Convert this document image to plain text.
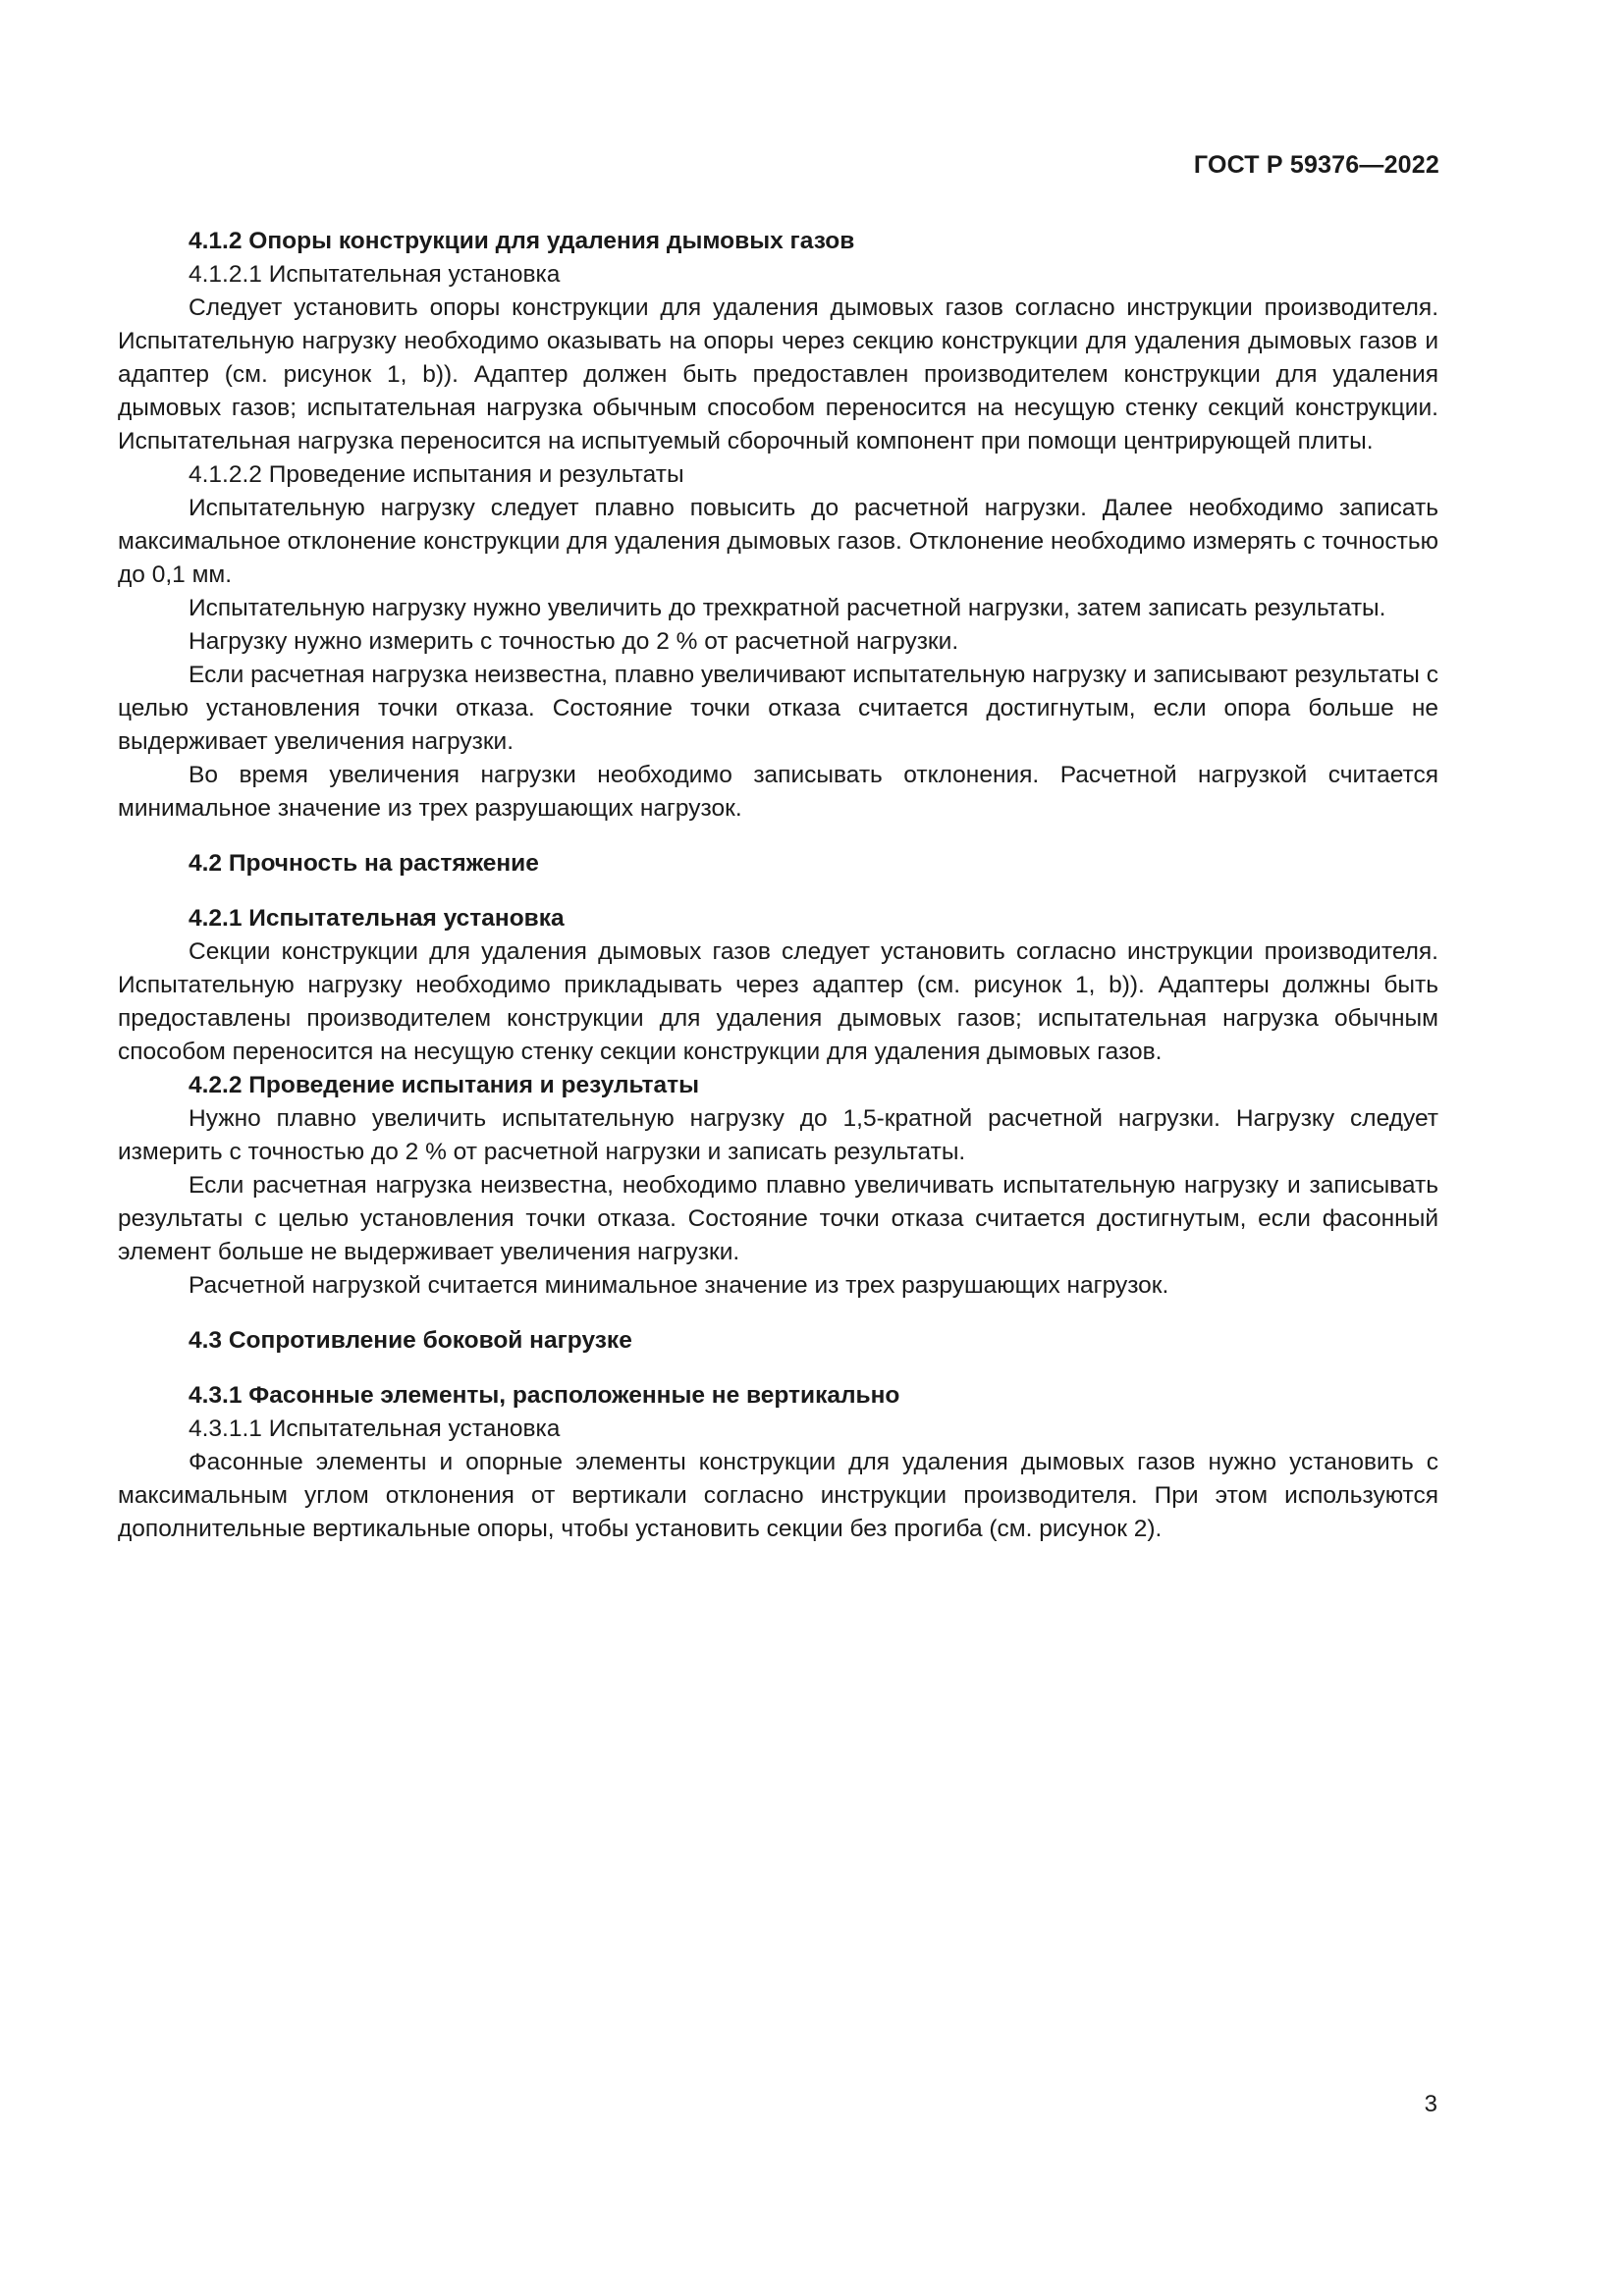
ГОСТ Р 59376—2022

4.1.2 Опоры конструкции для удаления дымовых газов

4.1.2.1 Испытательная установка

Следует установить опоры конструкции для удаления дымовых газов согласно инструкции производителя. Испытательную нагрузку необходимо оказывать на опоры через секцию конструкции для удаления дымовых газов и адаптер (см. рисунок 1, b)). Адаптер должен быть предоставлен производителем конструкции для удаления дымовых газов; испытательная нагрузка обычным способом переносится на несущую стенку секций конструкции. Испытательная нагрузка переносится на испытуемый сборочный компонент при помощи центрирующей плиты.

4.1.2.2 Проведение испытания и результаты

Испытательную нагрузку следует плавно повысить до расчетной нагрузки. Далее необходимо записать максимальное отклонение конструкции для удаления дымовых газов. Отклонение необходимо измерять с точностью до 0,1 мм.

Испытательную нагрузку нужно увеличить до трехкратной расчетной нагрузки, затем записать результаты.

Нагрузку нужно измерить с точностью до 2 % от расчетной нагрузки.

Если расчетная нагрузка неизвестна, плавно увеличивают испытательную нагрузку и записывают результаты с целью установления точки отказа. Состояние точки отказа считается достигнутым, если опора больше не выдерживает увеличения нагрузки.

Во время увеличения нагрузки необходимо записывать отклонения. Расчетной нагрузкой считается минимальное значение из трех разрушающих нагрузок.

4.2 Прочность на растяжение

4.2.1 Испытательная установка

Секции конструкции для удаления дымовых газов следует установить согласно инструкции производителя. Испытательную нагрузку необходимо прикладывать через адаптер (см. рисунок 1, b)). Адаптеры должны быть предоставлены производителем конструкции для удаления дымовых газов; испытательная нагрузка обычным способом переносится на несущую стенку секции конструкции для удаления дымовых газов.

4.2.2 Проведение испытания и результаты

Нужно плавно увеличить испытательную нагрузку до 1,5-кратной расчетной нагрузки. Нагрузку следует измерить с точностью до 2 % от расчетной нагрузки и записать результаты.

Если расчетная нагрузка неизвестна, необходимо плавно увеличивать испытательную нагрузку и записывать результаты с целью установления точки отказа. Состояние точки отказа считается достигнутым, если фасонный элемент больше не выдерживает увеличения нагрузки.

Расчетной нагрузкой считается минимальное значение из трех разрушающих нагрузок.

4.3 Сопротивление боковой нагрузке

4.3.1 Фасонные элементы, расположенные не вертикально

4.3.1.1 Испытательная установка

Фасонные элементы и опорные элементы конструкции для удаления дымовых газов нужно установить с максимальным углом отклонения от вертикали согласно инструкции производителя. При этом используются дополнительные вертикальные опоры, чтобы установить секции без прогиба (см. рисунок 2).

3
